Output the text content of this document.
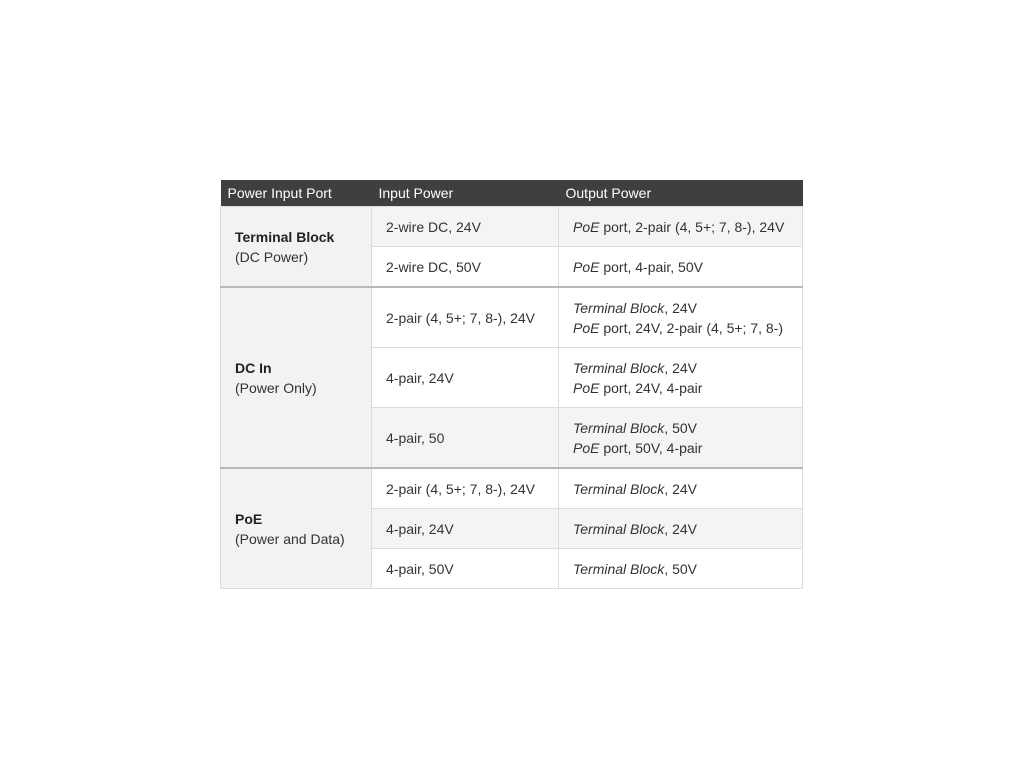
Power Input Port	Input Power	Output Power

Terminal Block
(DC Power)	2-wire DC, 24V	PoE port, 2-pair (4, 5+; 7, 8-), 24V

	2-wire DC, 50V	PoE port, 4-pair, 50V

DC In
(Power Only)	2-pair (4, 5+; 7, 8-), 24V	Terminal Block, 24V
PoE port, 24V, 2-pair (4, 5+; 7, 8-)

	4-pair, 24V	Terminal Block, 24V
PoE port, 24V, 4-pair

	4-pair, 50	Terminal Block, 50V
PoE port, 50V, 4-pair

PoE
(Power and Data)	2-pair (4, 5+; 7, 8-), 24V	Terminal Block, 24V

	4-pair, 24V	Terminal Block, 24V

	4-pair, 50V	Terminal Block, 50V
